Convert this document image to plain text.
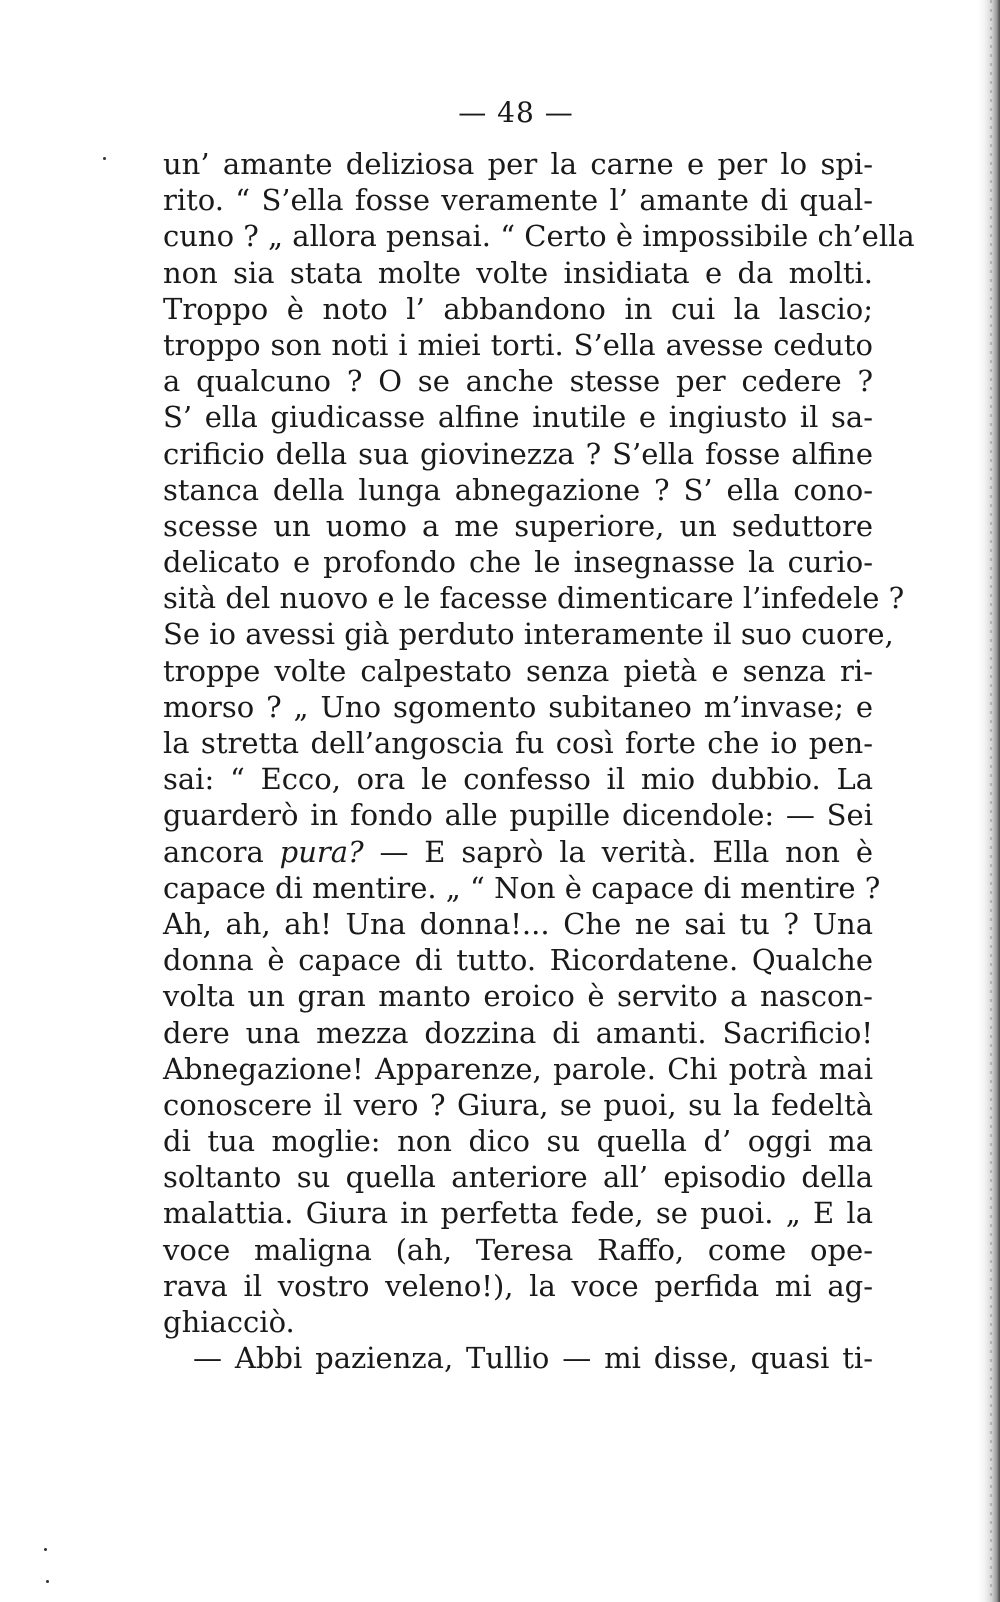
— 48 —
un’ amante deliziosa per la carne e per lo spi-
rito. “ S’ella fosse veramente l’ amante di qual-
cuno ? „ allora pensai. “ Certo è impossibile ch’ella
non sia stata molte volte insidiata e da molti.
Troppo è noto l’ abbandono in cui la lascio;
troppo son noti i miei torti. S’ella avesse ceduto
a qualcuno ? O se anche stesse per cedere ?
S’ ella giudicasse alfine inutile e ingiusto il sa-
crificio della sua giovinezza ? S’ella fosse alfine
stanca della lunga abnegazione ? S’ ella cono-
scesse un uomo a me superiore, un seduttore
delicato e profondo che le insegnasse la curio-
sità del nuovo e le facesse dimenticare l’infedele ?
Se io avessi già perduto interamente il suo cuore,
troppe volte calpestato senza pietà e senza ri-
morso ? „ Uno sgomento subitaneo m’invase; e
la stretta dell’angoscia fu così forte che io pen-
sai: “ Ecco, ora le confesso il mio dubbio. La
guarderò in fondo alle pupille dicendole: — Sei
ancora pura? — E saprò la verità. Ella non è
capace di mentire. „ “ Non è capace di mentire ?
Ah, ah, ah! Una donna!... Che ne sai tu ? Una
donna è capace di tutto. Ricordatene. Qualche
volta un gran manto eroico è servito a nascon-
dere una mezza dozzina di amanti. Sacrificio!
Abnegazione! Apparenze, parole. Chi potrà mai
conoscere il vero ? Giura, se puoi, su la fedeltà
di tua moglie: non dico su quella d’ oggi ma
soltanto su quella anteriore all’ episodio della
malattia. Giura in perfetta fede, se puoi. „ E la
voce maligna (ah, Teresa Raffo, come ope-
rava il vostro veleno!), la voce perfida mi ag-
ghiacciò.
— Abbi pazienza, Tullio — mi disse, quasi ti-
